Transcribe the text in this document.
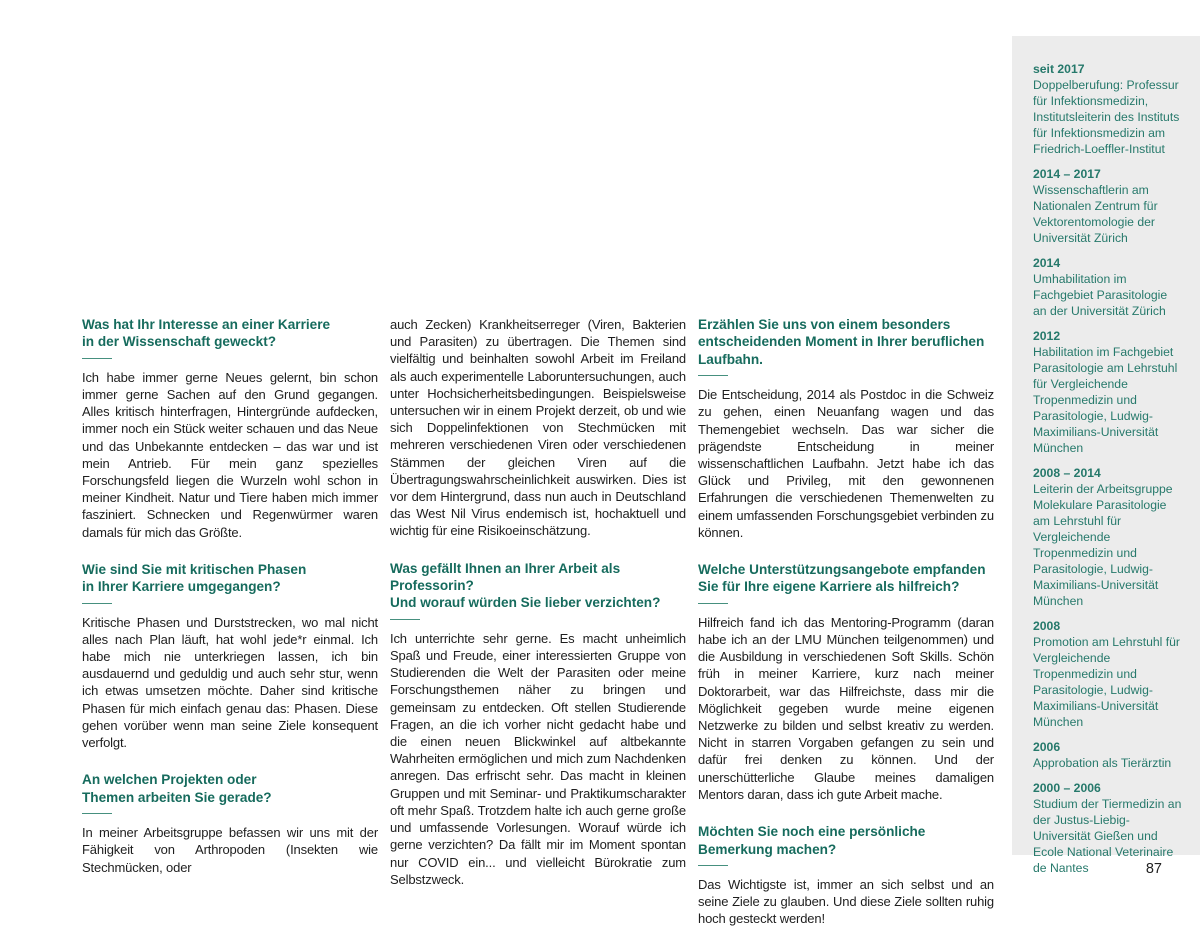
Was hat Ihr Interesse an einer Karriere
in der Wissenschaft geweckt?

Ich habe immer gerne Neues gelernt, bin schon immer gerne Sachen auf den Grund gegangen. Alles kritisch hinterfragen, Hintergründe aufdecken, immer noch ein Stück weiter schauen und das Neue und das Unbekannte entdecken – das war und ist mein Antrieb. Für mein ganz spezielles Forschungsfeld liegen die Wurzeln wohl schon in meiner Kindheit. Natur und Tiere haben mich immer fasziniert. Schnecken und Regenwürmer waren damals für mich das Größte.

Wie sind Sie mit kritischen Phasen
in Ihrer Karriere umgegangen?

Kritische Phasen und Durststrecken, wo mal nicht alles nach Plan läuft, hat wohl jede*r einmal. Ich habe mich nie unterkriegen lassen, ich bin ausdauernd und geduldig und auch sehr stur, wenn ich etwas umsetzen möchte. Daher sind kritische Phasen für mich einfach genau das: Phasen. Diese gehen vorüber wenn man seine Ziele konsequent verfolgt.

An welchen Projekten oder
Themen arbeiten Sie gerade?

In meiner Arbeitsgruppe befassen wir uns mit der Fähigkeit von Arthropoden (Insekten wie Stechmücken, oder

auch Zecken) Krankheitserreger (Viren, Bakterien und Parasiten) zu übertragen. Die Themen sind vielfältig und beinhalten sowohl Arbeit im Freiland als auch experimentelle Laboruntersuchungen, auch unter Hochsicherheitsbedingungen. Beispielsweise untersuchen wir in einem Projekt derzeit, ob und wie sich Doppelinfektionen von Stechmücken mit mehreren verschiedenen Viren oder verschiedenen Stämmen der gleichen Viren auf die Übertragungswahrscheinlichkeit auswirken. Dies ist vor dem Hintergrund, dass nun auch in Deutschland das West Nil Virus endemisch ist, hochaktuell und wichtig für eine Risikoeinschätzung.

Was gefällt Ihnen an Ihrer Arbeit als Professorin?
Und worauf würden Sie lieber verzichten?

Ich unterrichte sehr gerne. Es macht unheimlich Spaß und Freude, einer interessierten Gruppe von Studierenden die Welt der Parasiten oder meine Forschungsthemen näher zu bringen und gemeinsam zu entdecken. Oft stellen Studierende Fragen, an die ich vorher nicht gedacht habe und die einen neuen Blickwinkel auf altbekannte Wahrheiten ermöglichen und mich zum Nachdenken anregen. Das erfrischt sehr. Das macht in kleinen Gruppen und mit Seminar- und Praktikumscharakter oft mehr Spaß. Trotzdem halte ich auch gerne große und umfassende Vorlesungen. Worauf würde ich gerne verzichten? Da fällt mir im Moment spontan nur COVID ein... und vielleicht Bürokratie zum Selbstzweck.

Erzählen Sie uns von einem besonders
entscheidenden Moment in Ihrer beruflichen Laufbahn.

Die Entscheidung, 2014 als Postdoc in die Schweiz zu gehen, einen Neuanfang wagen und das Themengebiet wechseln. Das war sicher die prägendste Entscheidung in meiner wissenschaftlichen Laufbahn. Jetzt habe ich das Glück und Privileg, mit den gewonnenen Erfahrungen die verschiedenen Themenwelten zu einem umfassenden Forschungsgebiet verbinden zu können.

Welche Unterstützungsangebote empfanden
Sie für Ihre eigene Karriere als hilfreich?

Hilfreich fand ich das Mentoring-Programm (daran habe ich an der LMU München teilgenommen) und die Ausbildung in verschiedenen Soft Skills. Schön früh in meiner Karriere, kurz nach meiner Doktorarbeit, war das Hilfreichste, dass mir die Möglichkeit gegeben wurde meine eigenen Netzwerke zu bilden und selbst kreativ zu werden. Nicht in starren Vorgaben gefangen zu sein und dafür frei denken zu können. Und der unerschütterliche Glaube meines damaligen Mentors daran, dass ich gute Arbeit mache.

Möchten Sie noch eine persönliche Bemerkung machen?

Das Wichtigste ist, immer an sich selbst und an seine Ziele zu glauben. Und diese Ziele sollten ruhig hoch gesteckt werden!

seit 2017
Doppelberufung: Professur für Infektionsmedizin, Institutsleiterin des Instituts für Infektionsmedizin am Friedrich-Loeffler-Institut
2014 – 2017
Wissenschaftlerin am Nationalen Zentrum für Vektorentomologie der Universität Zürich
2014
Umhabilitation im Fachgebiet Parasitologie an der Universität Zürich
2012
Habilitation im Fachgebiet Parasitologie am Lehrstuhl für Vergleichende Tropenmedizin und Parasitologie, Ludwig-Maximilians-Universität München
2008 – 2014
Leiterin der Arbeitsgruppe Molekulare Parasitologie am Lehrstuhl für Vergleichende Tropenmedizin und Parasitologie, Ludwig-Maximilians-Universität München
2008
Promotion am Lehrstuhl für Vergleichende Tropenmedizin und Parasitologie, Ludwig-Maximilians-Universität München
2006
Approbation als Tierärztin
2000 – 2006
Studium der Tiermedizin an der Justus-Liebig-Universität Gießen und Ecole National Veterinaire de Nantes	87
